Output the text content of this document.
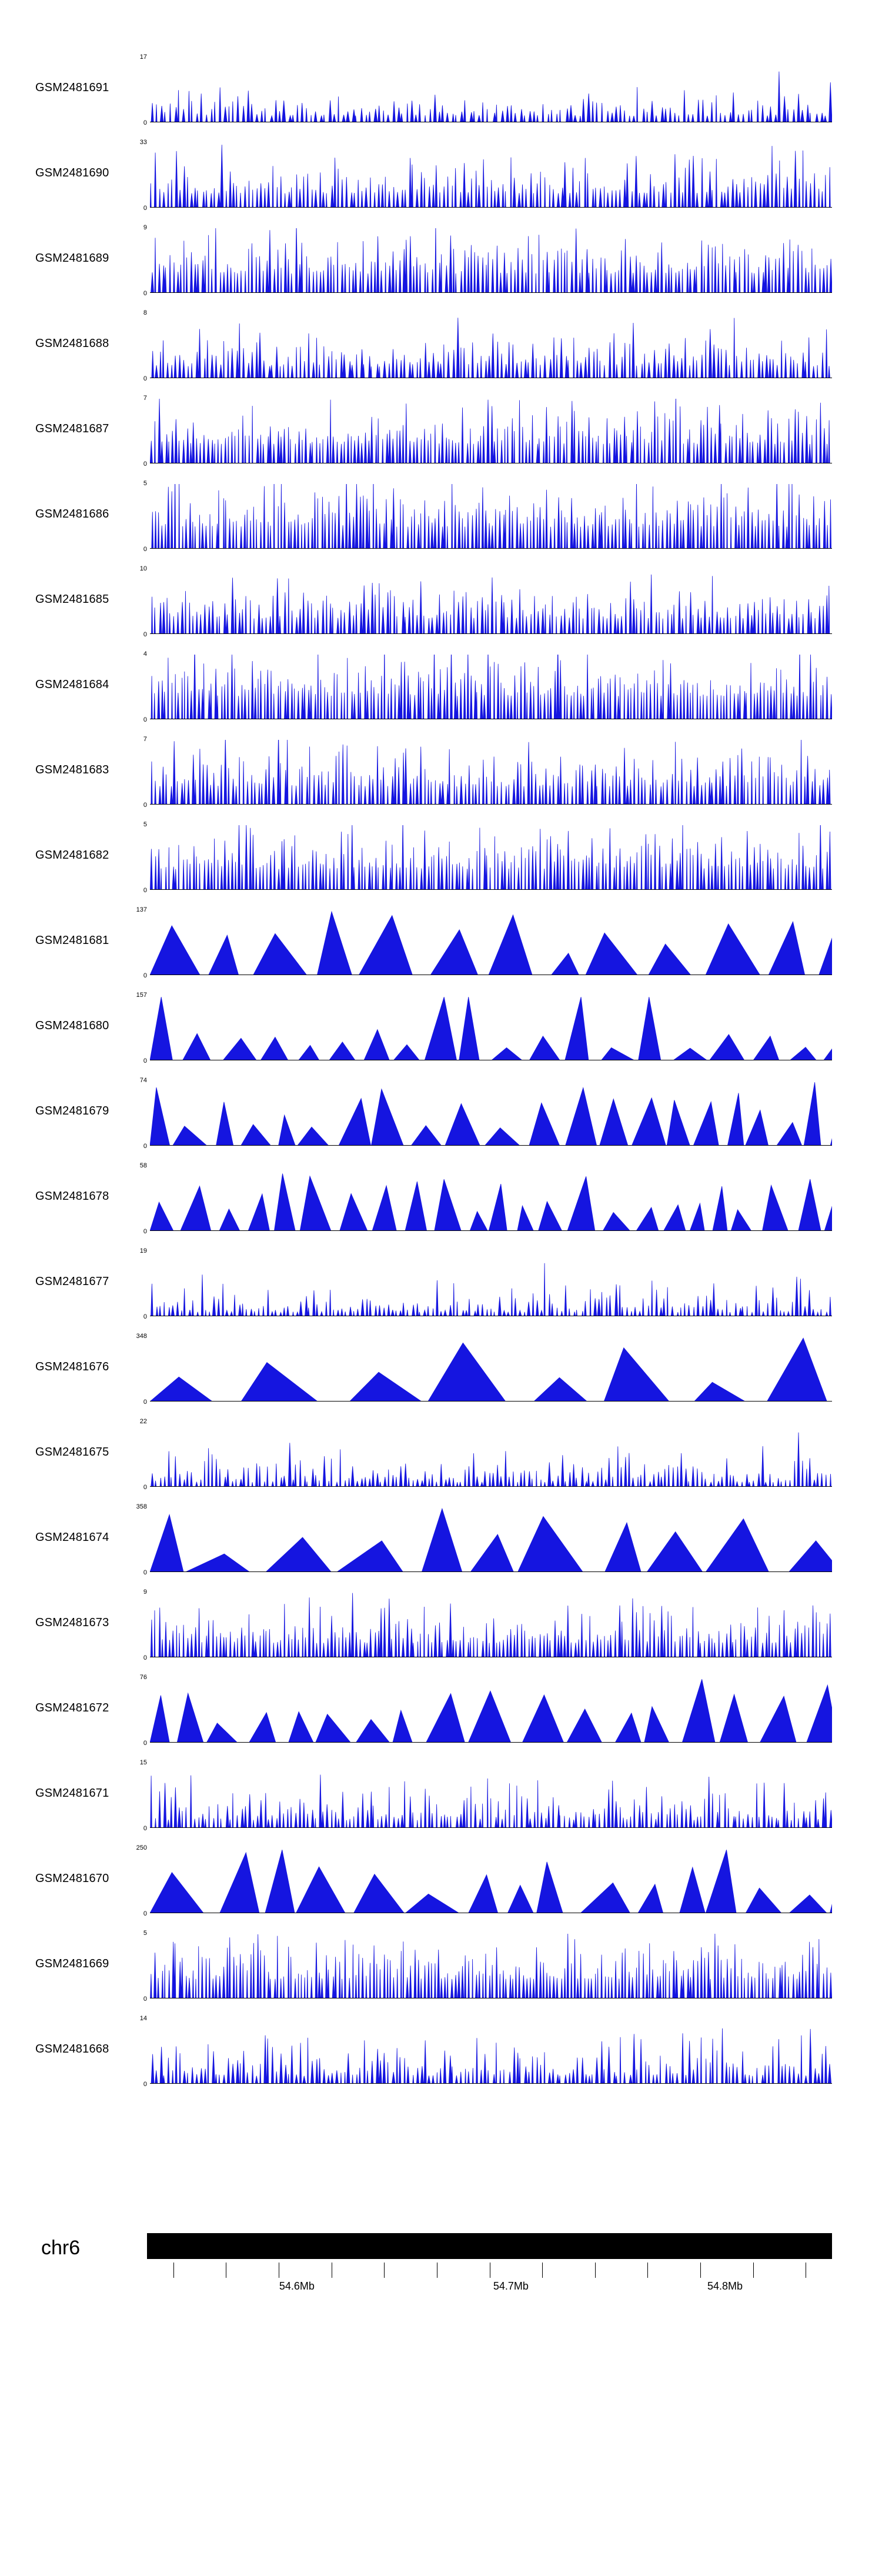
GSM2481691
17
0
GSM2481690
33
0
GSM2481689
9
0
GSM2481688
8
0
GSM2481687
7
0
GSM2481686
5
0
GSM2481685
10
0
GSM2481684
4
0
GSM2481683
7
0
GSM2481682
5
0
GSM2481681
137
0
GSM2481680
157
0
GSM2481679
74
0
GSM2481678
58
0
GSM2481677
19
0
GSM2481676
348
0
GSM2481675
22
0
GSM2481674
358
0
GSM2481673
9
0
GSM2481672
76
0
GSM2481671
15
0
GSM2481670
250
0
GSM2481669
5
0
GSM2481668
14
0
chr6
54.6Mb	54.7Mb	54.8Mb
